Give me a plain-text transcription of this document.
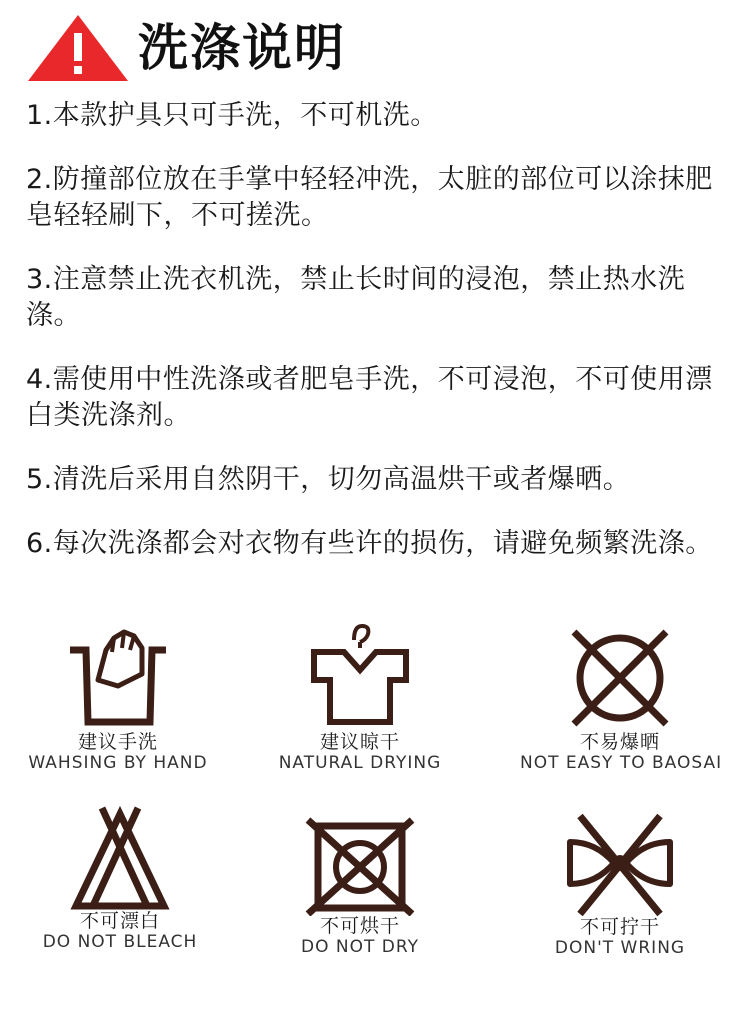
洗涤说明

1.本款护具只可手洗，不可机洗。

2.防撞部位放在手掌中轻轻冲洗，太脏的部位可以涂抹肥皂轻轻刷下，不可搓洗。

3.注意禁止洗衣机洗，禁止长时间的浸泡，禁止热水洗涤。

4.需使用中性洗涤或者肥皂手洗，不可浸泡，不可使用漂白类洗涤剂。

5.清洗后采用自然阴干，切勿高温烘干或者爆晒。

6.每次洗涤都会对衣物有些许的损伤，请避免频繁洗涤。

建议手洗
WAHSING BY HAND
建议晾干
NATURAL DRYING
不易爆晒
NOT EASY TO BAOSAI
不可漂白
DO NOT BLEACH
不可烘干
DO NOT DRY
不可拧干
DON'T WRING
